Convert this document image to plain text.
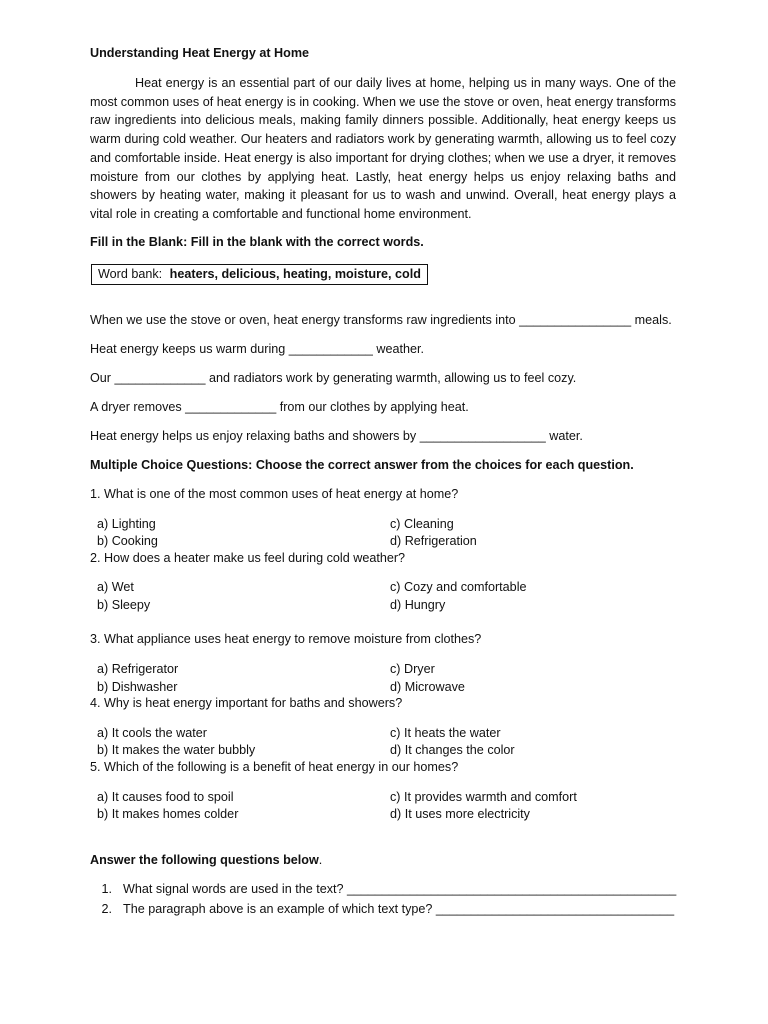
Understanding Heat Energy at Home

Heat energy is an essential part of our daily lives at home, helping us in many ways. One of the most common uses of heat energy is in cooking. When we use the stove or oven, heat energy transforms raw ingredients into delicious meals, making family dinners possible. Additionally, heat energy keeps us warm during cold weather. Our heaters and radiators work by generating warmth, allowing us to feel cozy and comfortable inside. Heat energy is also important for drying clothes; when we use a dryer, it removes moisture from our clothes by applying heat. Lastly, heat energy helps us enjoy relaxing baths and showers by heating water, making it pleasant for us to wash and unwind. Overall, heat energy plays a vital role in creating a comfortable and functional home environment.

Fill in the Blank: Fill in the blank with the correct words.
Word bank: heaters, delicious, heating, moisture, cold
When we use the stove or oven, heat energy transforms raw ingredients into ________________ meals.
Heat energy keeps us warm during ____________ weather.
Our _____________ and radiators work by generating warmth, allowing us to feel cozy.
A dryer removes _____________ from our clothes by applying heat.
Heat energy helps us enjoy relaxing baths and showers by __________________ water.
Multiple Choice Questions: Choose the correct answer from the choices for each question.
1. What is one of the most common uses of heat energy at home?
a) Lighting	c) Cleaning
b) Cooking	d) Refrigeration
2. How does a heater make us feel during cold weather?
a) Wet	c) Cozy and comfortable
b) Sleepy	d) Hungry
3. What appliance uses heat energy to remove moisture from clothes?
a) Refrigerator	c) Dryer
b) Dishwasher	d) Microwave
4. Why is heat energy important for baths and showers?
a) It cools the water	c) It heats the water
b) It makes the water bubbly	d) It changes the color
5. Which of the following is a benefit of heat energy in our homes?
a) It causes food to spoil	c) It provides warmth and comfort
b) It makes homes colder	d) It uses more electricity
Answer the following questions below.
1. What signal words are used in the text? _______________________________________________
2. The paragraph above is an example of which text type? __________________________________
